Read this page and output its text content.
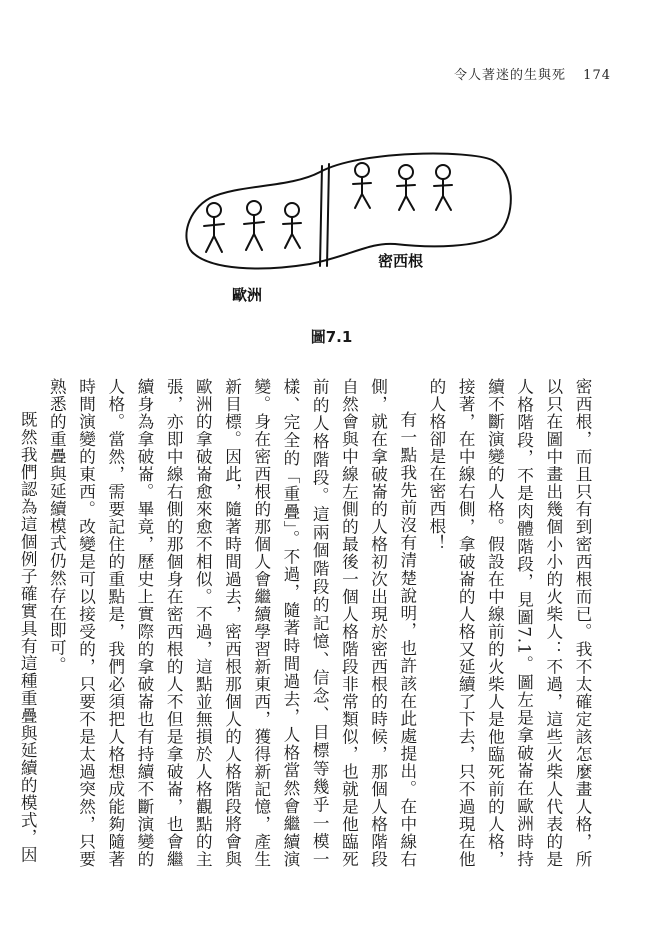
令人著迷的生與死 174
歐洲
密西根
圖7.1

密西根，而且只有到密西根而已。我不太確定該怎麼畫人格，所以只在圖中畫出幾個小小的火柴人：不過，這些火柴人代表的是人格階段，不是肉體階段，見圖7.1。圖左是拿破崙在歐洲時持續不斷演變的人格。假設在中線前的火柴人是他臨死前的人格，接著，在中線右側，拿破崙的人格又延續了下去，只不過現在他的人格卻是在密西根！

有一點我先前沒有清楚說明，也許該在此處提出。在中線右側，就在拿破崙的人格初次出現於密西根的時候，那個人格階段自然會與中線左側的最後一個人格階段非常類似，也就是他臨死前的人格階段。這兩個階段的記憶、信念、目標等幾乎一模一樣、完全的「重疊」。不過，隨著時間過去，人格當然會繼續演變。身在密西根的那個人會繼續學習新東西，獲得新記憶，產生新目標。因此，隨著時間過去，密西根那個人的人格階段將會與歐洲的拿破崙愈來愈不相似。不過，這點並無損於人格觀點的主張，亦即中線右側的那個身在密西根的人不但是拿破崙，也會繼續身為拿破崙。畢竟，歷史上實際的拿破崙也有持續不斷演變的人格。當然，需要記住的重點是，我們必須把人格想成能夠隨著時間演變的東西。改變是可以接受的，只要不是太過突然，只要熟悉的重疊與延續模式仍然存在即可。

既然我們認為這個例子確實具有這種重疊與延續的模式，因
